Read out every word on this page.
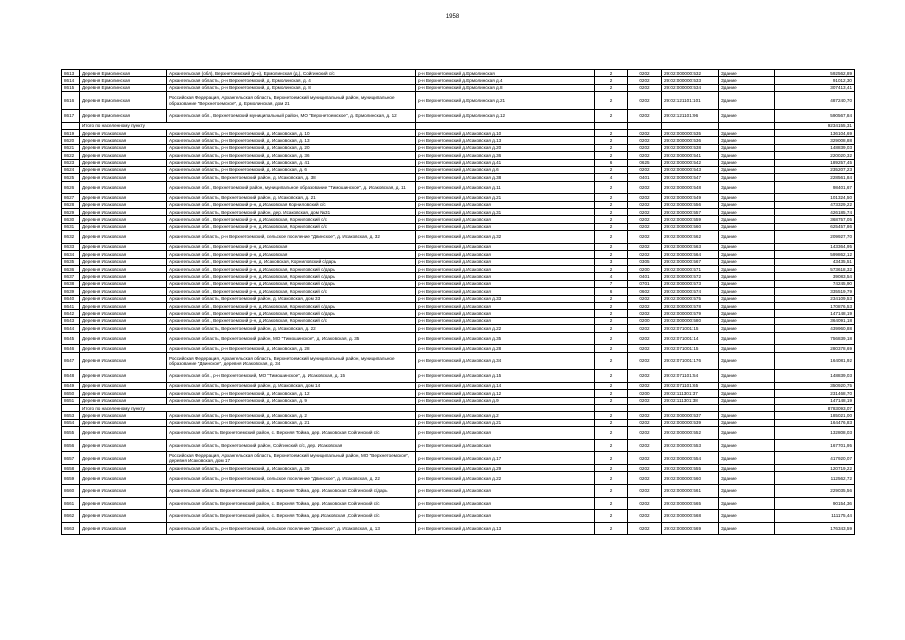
1958
8613	Деревня Ермолинская	Архангельская (обл), Верхнетоемский (р-н), Ермолинская (д.), Сойгинский с/с	р-н Верхнетоемский д.Ермолинская	2	0202	29:02:000000:532	Здание	592562,89
8614	Деревня Ермолинская	Архангельская область, р-н Верхнетоемский, д. Ермолинская, д. 4	р-н Верхнетоемский д.Ермолинская д.4	2	0202	29:02:000000:533	Здание	91012,30
8615	Деревня Ермолинская	Архангельская область, р-н Верхнетоемский, д. Ермолинская, д. 8	р-н Верхнетоемский д.Ермолинская д.8	2	0202	29:02:000000:534	Здание	307413,41
8616	Деревня Ермолинская	Российская Федерация, Архангельская область, Верхнетоемский муниципальный район, муниципальное образование "Верхнетоемское", д. Ермолинская, дом 21	р-н Верхнетоемский д.Ермолинская д.21	2	0202	29:02:121101:101	Здание	487240,70
8617	Деревня Ермолинская	Архангельская обл., Верхнетоемский муниципальный район, МО "Верхнетоемское", д. Ермолинская, д. 12	р-н Верхнетоемский д.Ермолинская д.12	2	0202	29:02:121101:96	Здание	590567,84
	Итого по населенному пункту							9234155,31
8619	Деревня Исаковская	Архангельская область, р-н Верхнетоемский, д. Исаковская, д. 10	р-н Верхнетоемский д.Исаковская д.10	2	0202	29:02:000000:535	Здание	136104,69
8620	Деревня Исаковская	Архангельская область, р-н Верхнетоемский, д. Исаковская, д. 13	р-н Верхнетоемский д.Исаковская д.13	2	0202	29:02:000000:536	Здание	329008,88
8621	Деревня Исаковская	Архангельская область, р-н Верхнетоемский, д. Исаковская, д. 20	р-н Верхнетоемский д.Исаковская д.20	2	0202	29:02:000000:538	Здание	148839,03
8622	Деревня Исаковская	Архангельская область, р-н Верхнетоемский, д. Исаковская, д. 36	р-н Верхнетоемский д.Исаковская д.36	2	0202	29:02:000000:541	Здание	220020,32
8623	Деревня Исаковская	Архангельская область, р-н Верхнетоемский, д. Исаковская, д. 41	р-н Верхнетоемский д.Исаковская д.41	6	0625	29:02:000000:542	Здание	189257,45
8624	Деревня Исаковская	Архангельская область, р-н Верхнетоемский, д. Исаковская, д. 6	р-н Верхнетоемский д.Исаковская д.6	2	0202	29:02:000000:543	Здание	235207,23
8625	Деревня Исаковская	Архангельская область, Верхнетоемский район, д. Исаковская, д. 38	р-н Верхнетоемский д.Исаковская д.38	4	0401	29:02:000000:547	Здание	228561,84
8626	Деревня Исаковская	Архангельская обл., Верхнетоемский район, муниципальное образование "Тимошинское", д. Исаковская, д. 11	р-н Верхнетоемский д.Исаковская д.11	2	0202	29:02:000000:548	Здание	98401,67
8627	Деревня Исаковская	Архангельская область, Верхнетоемский район, д. Исаковская, д. 21	р-н Верхнетоемский д.Исаковская д.21	2	0202	29:02:000000:549	Здание	101324,50
8628	Деревня Исаковская	Архангельская обл., Верхнетоемский р-н, д.Исаковская Корниловский с/с	р-н Верхнетоемский д.Исаковская	2	0202	29:02:000000:556	Здание	473329,22
8629	Деревня Исаковская	Архангельская область, Верхнетоемский район, дер. Исаковская, дом №31	р-н Верхнетоемский д.Исаковская д.31	2	0202	29:02:000000:557	Здание	426185,74
8630	Деревня Исаковская	Архангельская обл., Верхнетоемский р-н, д.Исаковская, Корниловский с/с	р-н Верхнетоемский д.Исаковская	2	0202	29:02:000000:559	Здание	368757,05
8631	Деревня Исаковская	Архангельская обл., Верхнетоемский р-н, д.Исаковская, Корниловский с/с	р-н Верхнетоемский д.Исаковская	2	0202	29:02:000000:560	Здание	625457,86
8632	Деревня Исаковская	Архангельская область, р-н Верхнетоемский, сельское поселение "Двинское", д. Исаковская, д. 32	р-н Верхнетоемский д.Исаковская д.32	2	0202	29:02:000000:562	Здание	209927,70
8633	Деревня Исаковская	Архангельская обл., Верхнетоемский р-н, д.Исаковская	р-н Верхнетоемский д.Исаковская	2	0202	29:02:000000:563	Здание	143364,95
8634	Деревня Исаковская	Архангельская обл., Верхнетоемский р-н, д.Исаковская	р-н Верхнетоемский д.Исаковская	2	0202	29:02:000000:564	Здание	599862,12
8635	Деревня Исаковская	Архангельская обл., Верхнетоемский р-н, д. Исаковская, Корниловский с/дарь	р-н Верхнетоемский д.Исаковская	3	0305	29:02:000000:567	Здание	43435,51
8636	Деревня Исаковская	Архангельская обл., Верхнетоемский р-н, д.Исаковская, Корниловский с/дарь	р-н Верхнетоемский д.Исаковская	2	0200	29:02:000000:571	Здание	573618,32
8637	Деревня Исаковская	Архангельская обл., Верхнетоемский р-н, д.Исаковская, Корниловский с/дарь	р-н Верхнетоемский д.Исаковская	4	0401	29:02:000000:572	Здание	39083,54
8638	Деревня Исаковская	Архангельская обл., Верхнетоемский р-н, д.Исаковская, Корниловский с/дарь	р-н Верхнетоемский д.Исаковская	7	0701	29:02:000000:573	Здание	74245,90
8639	Деревня Исаковская	Архангельская обл., Верхнетоемский р-н, д.Исаковская, Корниловский с/с	р-н Верхнетоемский д.Исаковская	6	0602	29:02:000000:574	Здание	335519,79
8640	Деревня Исаковская	Архангельская область, Верхнетоемский район, д. Исаковская, дом 33	р-н Верхнетоемский д.Исаковская д.33	2	0202	29:02:000000:575	Здание	234109,53
8641	Деревня Исаковская	Архангельская обл., Верхнетоемский р-н, д.Исаковская, Корниловский с/дарь	р-н Верхнетоемский д.Исаковская	2	0202	29:02:000000:578	Здание	170876,53
8642	Деревня Исаковская	Архангельская обл., Верхнетоемский р-н, д.Исаковская, Корниловский с/дарь	р-н Верхнетоемский д.Исаковская	2	0202	29:02:000000:579	Здание	147148,19
8643	Деревня Исаковская	Архангельская обл., Верхнетоемский р-н, д.Исаковская, Корниловский с/с	р-н Верхнетоемский д.Исаковская	2	0200	29:02:000000:580	Здание	364091,18
8644	Деревня Исаковская	Архангельская область, Верхнетоемский район, д. Исаковская, д. 22	р-н Верхнетоемский д.Исаковская д.22	2	0202	29:02:071001:15	Здание	439960,88
8645	Деревня Исаковская	Архангельская область, Верхнетоемский район, МО "Тимошинское", д. Исаковская, д. 35	р-н Верхнетоемский д.Исаковская д.35	2	0202	29:02:071001:14	Здание	756839,18
8646	Деревня Исаковская	Архангельская область, р-н Верхнетоемский, д. Исаковская, д. 28	р-н Верхнетоемский д.Исаковская д.28	2	0202	29:02:071001:15	Здание	280378,69
8647	Деревня Исаковская	Российская Федерация, Архангельская область, Верхнетоемский муниципальный район, муниципальное образование "Двинское", деревня Исаковская, д. 34	р-н Верхнетоемский д.Исаковская д.34	2	0202	29:02:071001:176	Здание	164081,92
8648	Деревня Исаковская	Архангельская обл., р-н Верхнетоемский, МО "Тимошинское", д. Исаковская, д. 15	р-н Верхнетоемский д.Исаковская д.15	2	0202	29:02:071101:54	Здание	148839,03
8649	Деревня Исаковская	Архангельская область, Верхнетоемский район, д. Исаковская, дом 14	р-н Верхнетоемский д.Исаковская д.14	2	0202	29:02:071101:65	Здание	350920,75
8650	Деревня Исаковская	Архангельская область, р-н Верхнетоемский, д. Исаковская, д. 12	р-н Верхнетоемский д.Исаковская д.12	2	0200	29:02:111301:37	Здание	231468,70
8651	Деревня Исаковская	Архангельская область, р-н Верхнетоемский, д. Исаковская, д. 9	р-н Верхнетоемский д.Исаковская д.9	2	0202	29:02:111301:38	Здание	147148,19
	Итого по населенному пункту							8783093,07
8653	Деревня Исаковская	Архангельская область, р-н Верхнетоемский, д. Исаковская, д. 2	р-н Верхнетоемский д.Исаковская д.2	2	0202	29:02:000000:537	Здание	185021,00
8654	Деревня Исаковская	Архангельская область, р-н Верхнетоемский, д. Исаковская, д. 21	р-н Верхнетоемский д.Исаковская д.21	2	0202	29:02:000000:539	Здание	164476,83
8655	Деревня Исаковская	Архангельская область Верхнетоемский район, с. Верхняя Тойма, дер. Исаковская Сойгинский с/с	р-н Верхнетоемский д.Исаковская	2	0202	29:02:000000:552	Здание	132808,03
8656	Деревня Исаковская	Архангельская область, Верхнетоемский район, Сойгинский с/с, дер. Исаковская	р-н Верхнетоемский д.Исаковская	2	0202	29:02:000000:553	Здание	167701,95
8657	Деревня Исаковская	Российская Федерация, Архангельская область, Верхнетоемский муниципальный район, МО "Верхнетоемское", деревня Исаковская, дом 17	р-н Верхнетоемский д.Исаковская д.17	2	0202	29:02:000000:554	Здание	417920,07
8658	Деревня Исаковская	Архангельская область, р-н Верхнетоемский, д. Исаковская, д. 29	р-н Верхнетоемский д.Исаковская д.29	2	0202	29:02:000000:555	Здание	120719,22
8659	Деревня Исаковская	Архангельская область, р-н Верхнетоемский, сельское поселение "Двинское", д. Исаковская, д. 22	р-н Верхнетоемский д.Исаковская д.22	2	0202	29:02:000000:560	Здание	112562,72
8660	Деревня Исаковская	Архангельская область Верхнетоемский район, с. Верхняя Тойма, дер. Исаковская Сойгинский с/дарь	р-н Верхнетоемский д.Исаковская	2	0202	29:02:000000:561	Здание	229035,56
8661	Деревня Исаковская	Архангельская область Верхнетоемский район, с. Верхняя Тойма, дер. Исаковская Сойгинский с/с	р-н Верхнетоемский д.Исаковская	2	0202	29:02:000000:565	Здание	90154,36
8662	Деревня Исаковская	Архангельская область Верхнетоемский район, с. Верхняя Тойма, дер.Исаковская ,Сойгинский с/с	р-н Верхнетоемский д.Исаковская	2	0202	29:02:000000:568	Здание	111175,44
8663	Деревня Исаковская	Архангельская область, р-н Верхнетоемский, сельское поселение "Двинское", д. Исаковская, д. 13	р-н Верхнетоемский д.Исаковская д.13	2	0202	29:02:000000:569	Здание	176343,59
